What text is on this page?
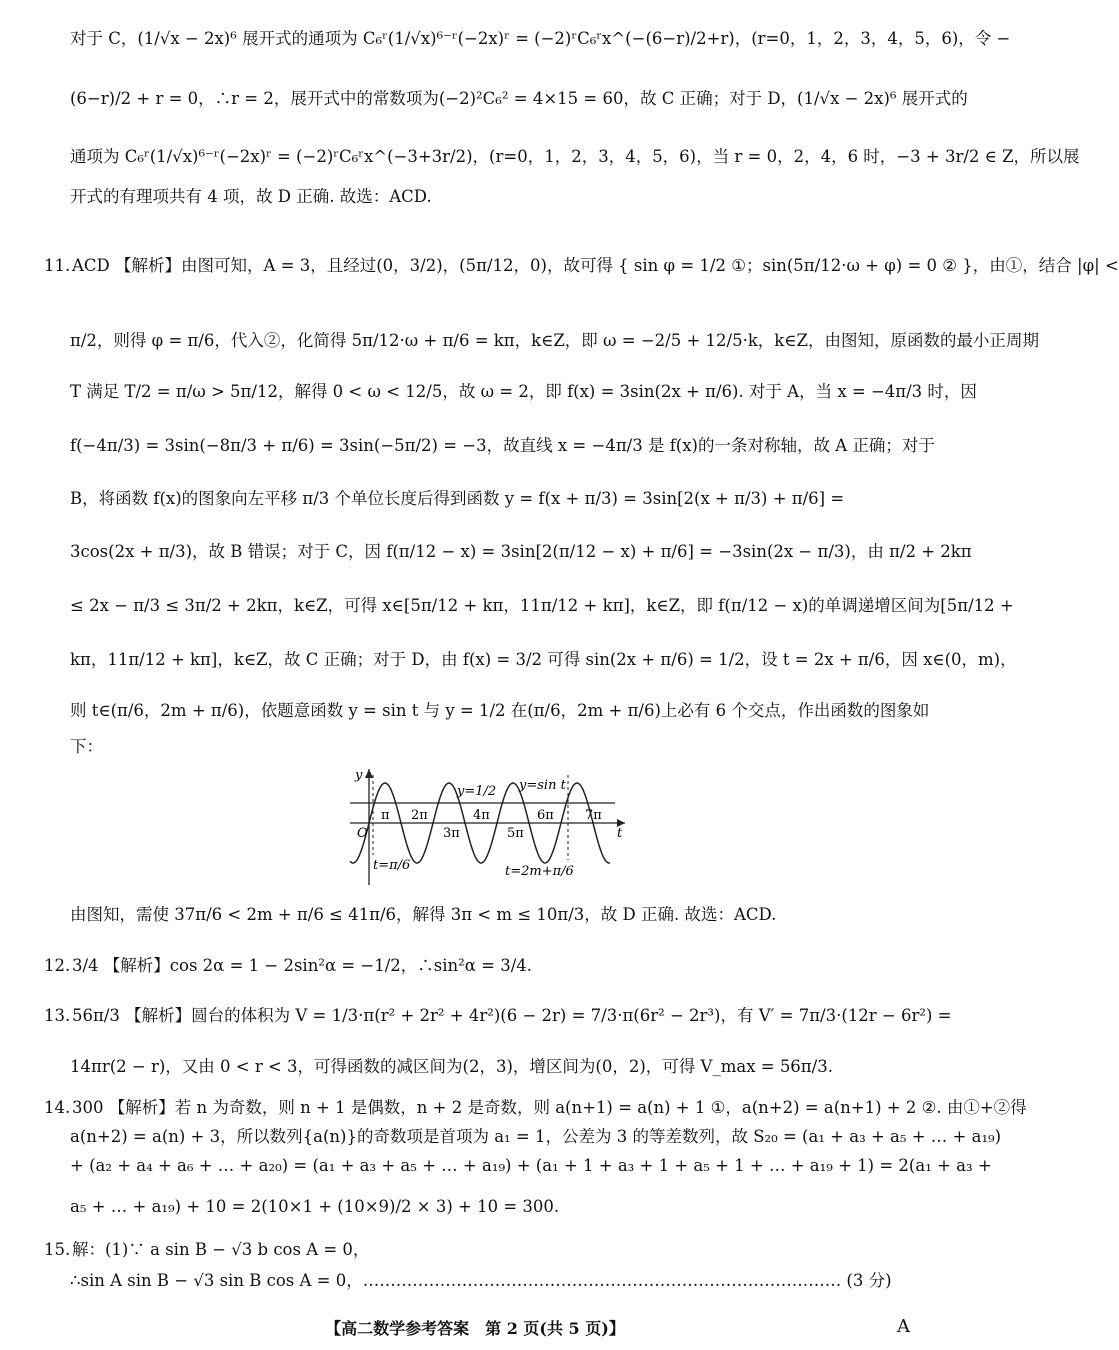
对于 C，(1/√x − 2x)⁶ 展开式的通项为 C₆ʳ(1/√x)⁶⁻ʳ(−2x)ʳ = (−2)ʳC₆ʳx^(−(6−r)/2+r)，(r=0，1，2，3，4，5，6)，令 −
(6−r)/2 + r = 0，∴r = 2，展开式中的常数项为(−2)²C₆² = 4×15 = 60，故 C 正确；对于 D，(1/√x − 2x)⁶ 展开式的
通项为 C₆ʳ(1/√x)⁶⁻ʳ(−2x)ʳ = (−2)ʳC₆ʳx^(−3+3r/2)，(r=0，1，2，3，4，5，6)，当 r = 0，2，4，6 时，−3 + 3r/2 ∈ Z，所以展
开式的有理项共有 4 项，故 D 正确. 故选：ACD.
11. ACD 【解析】由图可知，A = 3，且经过(0，3/2)，(5π/12，0)，故可得 { sin φ = 1/2 ①；sin(5π/12·ω + φ) = 0 ② }，由①，结合 |φ| <
π/2，则得 φ = π/6，代入②，化简得 5π/12·ω + π/6 = kπ，k∈Z，即 ω = −2/5 + 12/5·k，k∈Z，由图知，原函数的最小正周期
T 满足 T/2 = π/ω > 5π/12，解得 0 < ω < 12/5，故 ω = 2，即 f(x) = 3sin(2x + π/6). 对于 A，当 x = −4π/3 时，因
f(−4π/3) = 3sin(−8π/3 + π/6) = 3sin(−5π/2) = −3，故直线 x = −4π/3 是 f(x)的一条对称轴，故 A 正确；对于
B，将函数 f(x)的图象向左平移 π/3 个单位长度后得到函数 y = f(x + π/3) = 3sin[2(x + π/3) + π/6] =
3cos(2x + π/3)，故 B 错误；对于 C，因 f(π/12 − x) = 3sin[2(π/12 − x) + π/6] = −3sin(2x − π/3)，由 π/2 + 2kπ
≤ 2x − π/3 ≤ 3π/2 + 2kπ，k∈Z，可得 x∈[5π/12 + kπ，11π/12 + kπ]，k∈Z，即 f(π/12 − x)的单调递增区间为[5π/12 +
kπ，11π/12 + kπ]，k∈Z，故 C 正确；对于 D，由 f(x) = 3/2 可得 sin(2x + π/6) = 1/2，设 t = 2x + π/6，因 x∈(0，m)，
则 t∈(π/6，2m + π/6)，依题意函数 y = sin t 与 y = 1/2 在(π/6，2m + π/6)上必有 6 个交点，作出函数的图象如
下：
y
t
O
π 2π
3π
4π
5π
6π 7π
y=1/2 y=sin t
t=π/6	t=2m+π/6
由图知，需使 37π/6 < 2m + π/6 ≤ 41π/6，解得 3π < m ≤ 10π/3，故 D 正确. 故选：ACD.
12. 3/4 【解析】cos 2α = 1 − 2sin²α = −1/2，∴sin²α = 3/4.
13. 56π/3 【解析】圆台的体积为 V = 1/3·π(r² + 2r² + 4r²)(6 − 2r) = 7/3·π(6r² − 2r³)，有 V′ = 7π/3·(12r − 6r²) =
14πr(2 − r)，又由 0 < r < 3，可得函数的减区间为(2，3)，增区间为(0，2)，可得 V_max = 56π/3.
14. 300 【解析】若 n 为奇数，则 n + 1 是偶数，n + 2 是奇数，则 a(n+1) = a(n) + 1 ①，a(n+2) = a(n+1) + 2 ②. 由①+②得
a(n+2) = a(n) + 3，所以数列{a(n)}的奇数项是首项为 a₁ = 1，公差为 3 的等差数列，故 S₂₀ = (a₁ + a₃ + a₅ + … + a₁₉)
+ (a₂ + a₄ + a₆ + … + a₂₀) = (a₁ + a₃ + a₅ + … + a₁₉) + (a₁ + 1 + a₃ + 1 + a₅ + 1 + … + a₁₉ + 1) = 2(a₁ + a₃ +
a₅ + … + a₁₉) + 10 = 2(10×1 + (10×9)/2 × 3) + 10 = 300.
15. 解：(1)∵ a sin B − √3 b cos A = 0，
∴sin A sin B − √3 sin B cos A = 0，…………………………………………………………………………… (3 分)
【高二数学参考答案　第 2 页(共 5 页)】	A
